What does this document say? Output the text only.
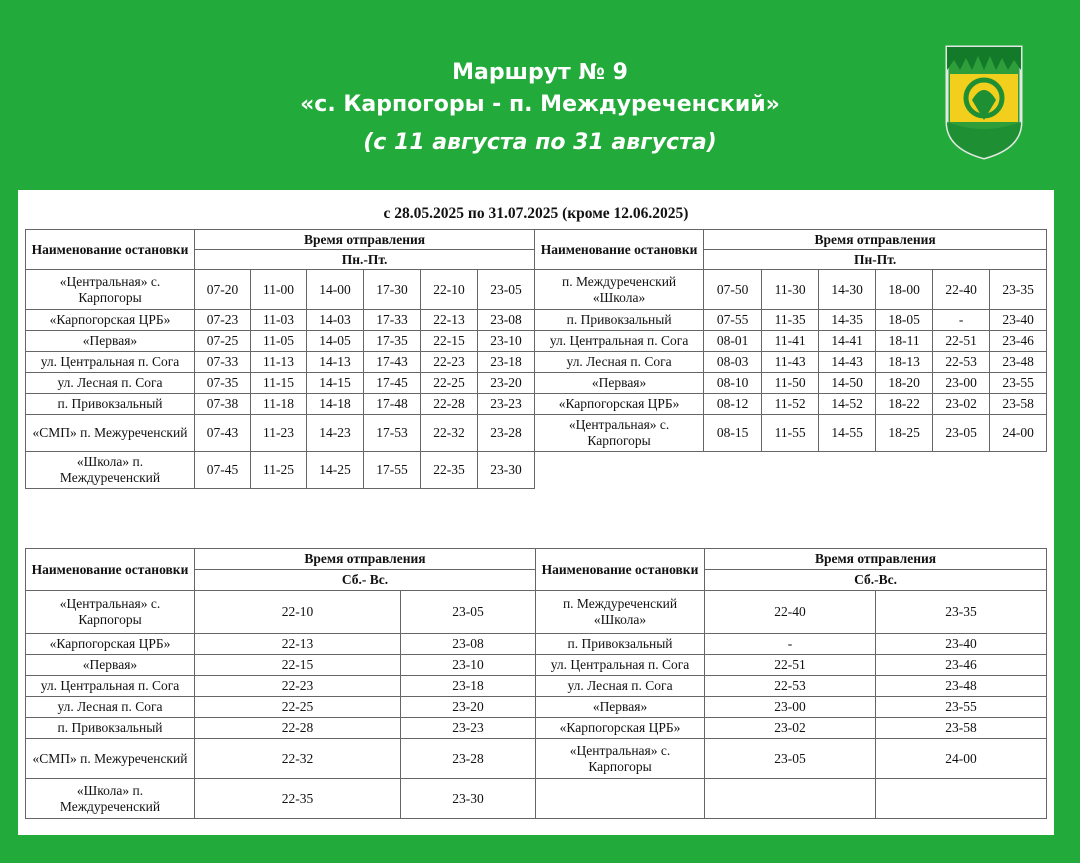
Маршрут № 9
«с. Карпогоры - п. Междуреченский»
(с 11 августа по 31 августа)
с 28.05.2025 по 31.07.2025 (кроме 12.06.2025)
Наименование остановки	Время отправления						Наименование остановки	Время отправления					
	Пн.-Пт.							Пн-Пт.					
«Центральная» с. Карпогоры	07-20	11-00	14-00	17-30	22-10	23-05	п. Междуреченский «Школа»	07-50	11-30	14-30	18-00	22-40	23-35
«Карпогорская ЦРБ»	07-23	11-03	14-03	17-33	22-13	23-08	п. Привокзальный	07-55	11-35	14-35	18-05	-	23-40
«Первая»	07-25	11-05	14-05	17-35	22-15	23-10	ул. Центральная п. Сога	08-01	11-41	14-41	18-11	22-51	23-46
ул. Центральная п. Сога	07-33	11-13	14-13	17-43	22-23	23-18	ул. Лесная п. Сога	08-03	11-43	14-43	18-13	22-53	23-48
ул. Лесная п. Сога	07-35	11-15	14-15	17-45	22-25	23-20	«Первая»	08-10	11-50	14-50	18-20	23-00	23-55
п. Привокзальный	07-38	11-18	14-18	17-48	22-28	23-23	«Карпогорская ЦРБ»	08-12	11-52	14-52	18-22	23-02	23-58
«СМП» п. Межуреченский	07-43	11-23	14-23	17-53	22-32	23-28	«Центральная» с. Карпогоры	08-15	11-55	14-55	18-25	23-05	24-00
«Школа» п. Междуреченский	07-45	11-25	14-25	17-55	22-35	23-30							
Наименование остановки	Время отправления		Наименование остановки	Время отправления	
	Сб.- Вс.			Сб.-Вс.	
«Центральная» с. Карпогоры	22-10	23-05	п. Междуреченский «Школа»	22-40	23-35
«Карпогорская ЦРБ»	22-13	23-08	п. Привокзальный	-	23-40
«Первая»	22-15	23-10	ул. Центральная п. Сога	22-51	23-46
ул. Центральная п. Сога	22-23	23-18	ул. Лесная п. Сога	22-53	23-48
ул. Лесная п. Сога	22-25	23-20	«Первая»	23-00	23-55
п. Привокзальный	22-28	23-23	«Карпогорская ЦРБ»	23-02	23-58
«СМП» п. Межуреченский	22-32	23-28	«Центральная» с. Карпогоры	23-05	24-00
«Школа» п. Междуреченский	22-35	23-30			
